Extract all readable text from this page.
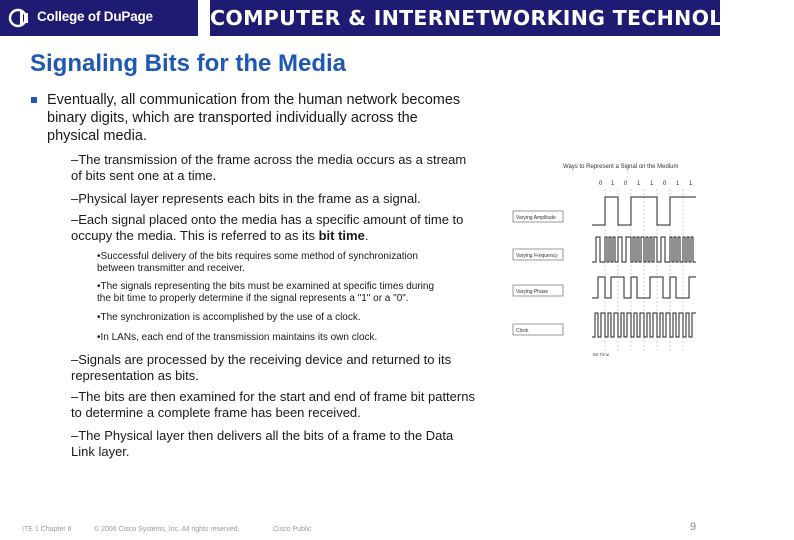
College of DuPage	COMPUTER & INTERNETWORKING TECHNOLOGIES
Signaling Bits for the Media
Eventually, all communication from the human network becomes
binary digits, which are transported individually across the
physical media.
–The transmission of the frame across the media occurs as a stream
of bits sent one at a time.
–Physical layer represents each bits in the frame as a signal.
–Each signal placed onto the media has a specific amount of time to
occupy the media. This is referred to as its bit time.
•Successful delivery of the bits requires some method of synchronization
between transmitter and receiver.
•The signals representing the bits must be examined at specific times during
the bit time to properly determine if the signal represents a "1" or a "0".
•The synchronization is accomplished by the use of a clock.
•In LANs, each end of the transmission maintains its own clock.
–Signals are processed by the receiving device and returned to its
representation as bits.
–The bits are then examined for the start and end of frame bit patterns
to determine a complete frame has been received.
–The Physical layer then delivers all the bits of a frame to the Data
Link layer.
Ways to Represent a Signal on the Medium
0 1 0 1 1 0 1 1
Varying Amplitude
Varying Frequency
Varying Phase
Clock
Bit Time
ITE 1 Chapter 6	© 2006 Cisco Systems, Inc. All rights reserved.	Cisco Public	9
